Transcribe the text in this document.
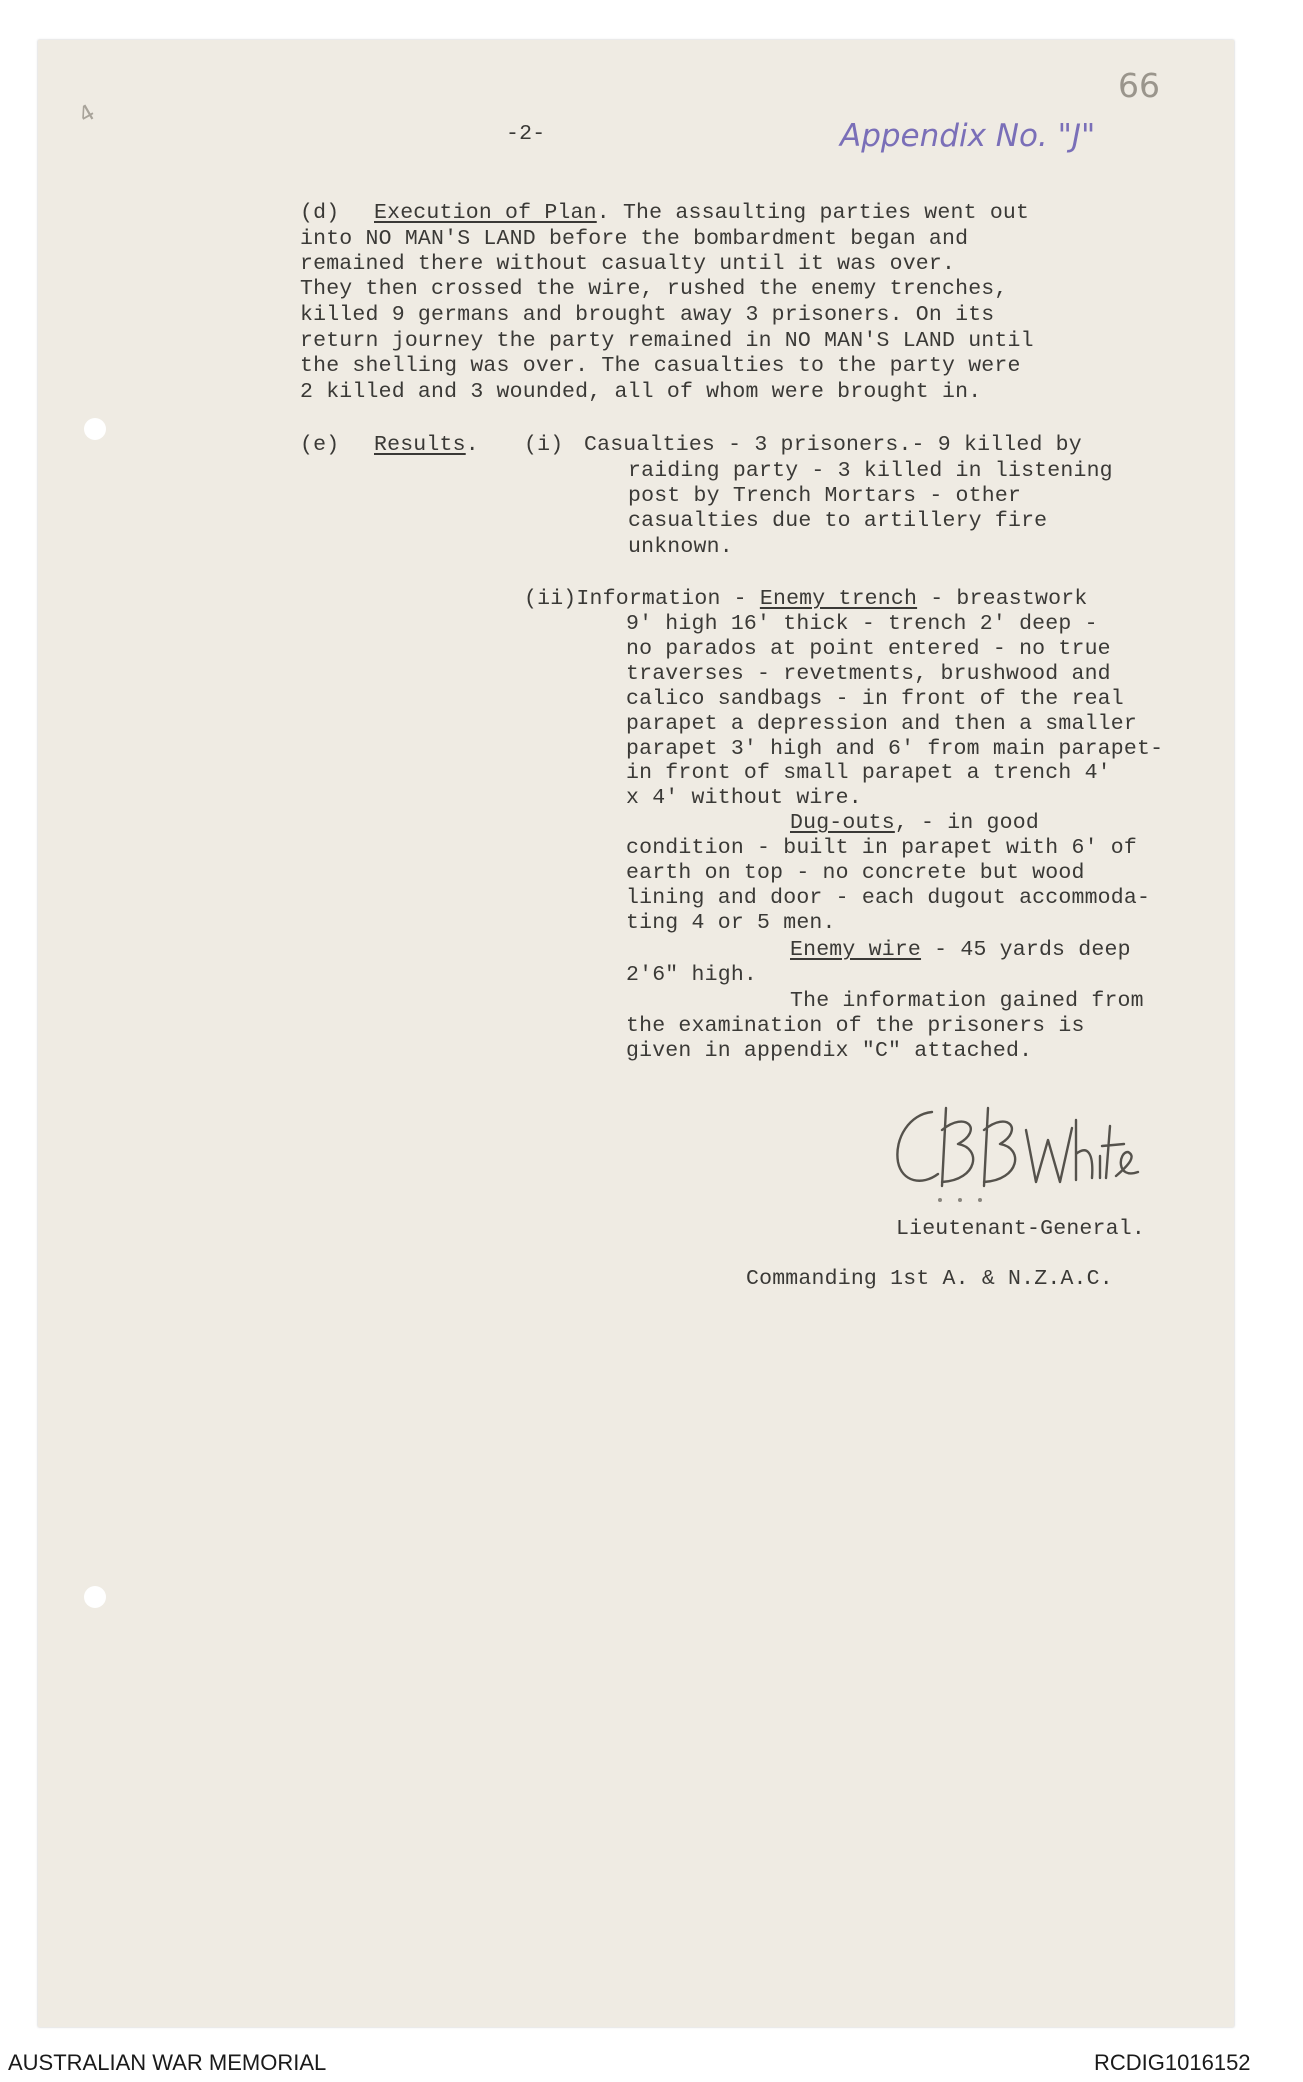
4
-2-	Appendix No. "J"
66
(d) Execution of Plan. The assaulting parties went out
into NO MAN'S LAND before the bombardment began and
remained there without casualty until it was over.
They then crossed the wire, rushed the enemy trenches,
killed 9 germans and brought away 3 prisoners. On its
return journey the party remained in NO MAN'S LAND until
the shelling was over. The casualties to the party were
2 killed and 3 wounded, all of whom were brought in.
(e) Results. (i) Casualties - 3 prisoners.- 9 killed by
raiding party - 3 killed in listening
post by Trench Mortars - other
casualties due to artillery fire
unknown.
(ii)Information - Enemy trench - breastwork
9' high 16' thick - trench 2' deep -
no parados at point entered - no true
traverses - revetments, brushwood and
calico sandbags - in front of the real
parapet a depression and then a smaller
parapet 3' high and 6' from main parapet-
in front of small parapet a trench 4'
x 4' without wire.
Dug-outs, - in good
condition - built in parapet with 6' of
earth on top - no concrete but wood
lining and door - each dugout accommoda-
ting 4 or 5 men.
Enemy wire - 45 yards deep
2'6" high.
The information gained from
the examination of the prisoners is
given in appendix "C" attached.
Lieutenant-General.
Commanding 1st A. & N.Z.A.C.
AUSTRALIAN WAR MEMORIAL	RCDIG1016152
